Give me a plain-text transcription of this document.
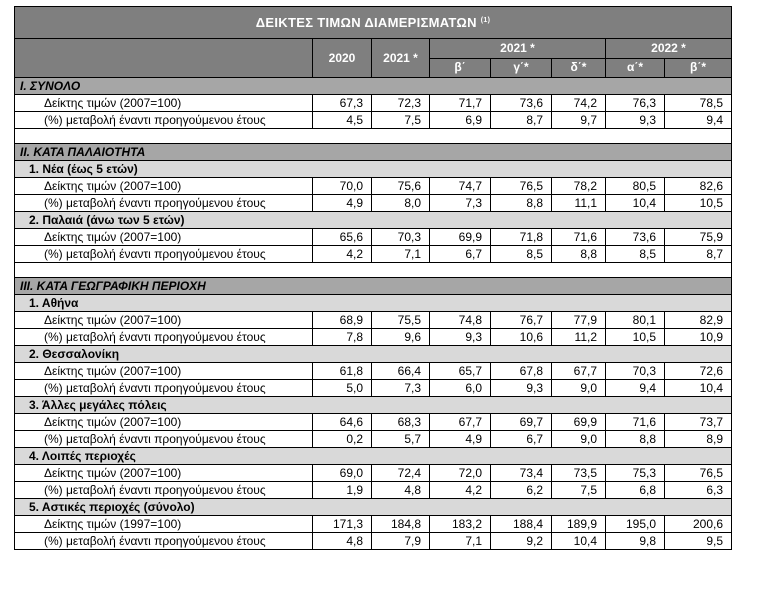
ΔΕΙΚΤΕΣ ΤΙΜΩΝ ΔΙΑΜΕΡΙΣΜΑΤΩΝ $^{(1)}$
	2020	2021 *	2021 *			2022 *	
			β΄	γ΄*	δ΄*	α΄*	β΄*
I. ΣΥΝΟΛΟ							
Δείκτης τιμών (2007=100)	67,3	72,3	71,7	73,6	74,2	76,3	78,5
(%) μεταβολή έναντι προηγούμενου έτους	4,5	7,5	6,9	8,7	9,7	9,3	9,4

II. ΚΑΤΑ ΠΑΛΑΙΟΤΗΤΑ							
1. Νέα (έως 5 ετών)							
Δείκτης τιμών (2007=100)	70,0	75,6	74,7	76,5	78,2	80,5	82,6
(%) μεταβολή έναντι προηγούμενου έτους	4,9	8,0	7,3	8,8	11,1	10,4	10,5
2. Παλαιά (άνω των 5 ετών)							
Δείκτης τιμών (2007=100)	65,6	70,3	69,9	71,8	71,6	73,6	75,9
(%) μεταβολή έναντι προηγούμενου έτους	4,2	7,1	6,7	8,5	8,8	8,5	8,7

III. ΚΑΤΑ ΓΕΩΓΡΑΦΙΚΗ ΠΕΡΙΟΧΗ							
1. Αθήνα							
Δείκτης τιμών (2007=100)	68,9	75,5	74,8	76,7	77,9	80,1	82,9
(%) μεταβολή έναντι προηγούμενου έτους	7,8	9,6	9,3	10,6	11,2	10,5	10,9
2. Θεσσαλονίκη							
Δείκτης τιμών (2007=100)	61,8	66,4	65,7	67,8	67,7	70,3	72,6
(%) μεταβολή έναντι προηγούμενου έτους	5,0	7,3	6,0	9,3	9,0	9,4	10,4
3. Άλλες μεγάλες πόλεις							
Δείκτης τιμών (2007=100)	64,6	68,3	67,7	69,7	69,9	71,6	73,7
(%) μεταβολή έναντι προηγούμενου έτους	0,2	5,7	4,9	6,7	9,0	8,8	8,9
4. Λοιπές περιοχές							
Δείκτης τιμών (2007=100)	69,0	72,4	72,0	73,4	73,5	75,3	76,5
(%) μεταβολή έναντι προηγούμενου έτους	1,9	4,8	4,2	6,2	7,5	6,8	6,3
5. Αστικές περιοχές (σύνολο)							
Δείκτης τιμών (1997=100)	171,3	184,8	183,2	188,4	189,9	195,0	200,6
(%) μεταβολή έναντι προηγούμενου έτους	4,8	7,9	7,1	9,2	10,4	9,8	9,5
